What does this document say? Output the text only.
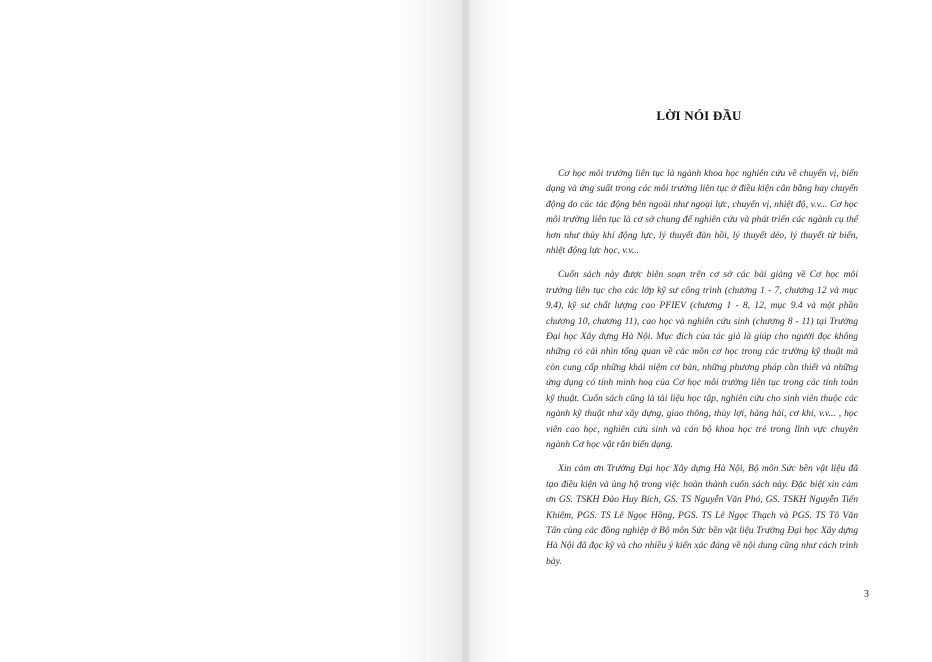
LỜI NÓI ĐẦU

Cơ học môi trường liên tục là ngành khoa học nghiên cứu về chuyển vị, biến dạng và ứng suất trong các môi trường liên tục ở điều kiện cân bằng hay chuyển động do các tác động bên ngoài như ngoại lực, chuyển vị, nhiệt độ, v.v... Cơ học môi trường liên tục là cơ sở chung để nghiên cứu và phát triển các ngành cụ thể hơn như thủy khí động lực, lý thuyết đàn hồi, lý thuyết dẻo, lý thuyết từ biến, nhiệt động lực học, v.v...

Cuốn sách này được biên soạn trên cơ sở các bài giảng về Cơ học môi trường liên tục cho các lớp kỹ sư công trình (chương 1 - 7, chương 12 và mục 9.4), kỹ sư chất lượng cao PFIEV (chương 1 - 8, 12, mục 9.4 và một phần chương 10, chương 11), cao học và nghiên cứu sinh (chương 8 - 11) tại Trường Đại học Xây dựng Hà Nội. Mục đích của tác giả là giúp cho người đọc không những có cái nhìn tổng quan về các môn cơ học trong các trường kỹ thuật mà còn cung cấp những khái niệm cơ bản, những phương pháp cần thiết và những ứng dụng có tính minh hoạ của Cơ học môi trường liên tục trong các tính toán kỹ thuật. Cuốn sách cũng là tài liệu học tập, nghiên cứu cho sinh viên thuộc các ngành kỹ thuật như xây dựng, giao thông, thủy lợi, hàng hải, cơ khí, v.v... , học viên cao học, nghiên cứu sinh và cán bộ khoa học trẻ trong lĩnh vực chuyên ngành Cơ học vật rắn biến dạng.

Xin cảm ơn Trường Đại học Xây dựng Hà Nội, Bộ môn Sức bền vật liệu đã tạo điều kiện và ủng hộ trong việc hoàn thành cuốn sách này. Đặc biệt xin cảm ơn GS. TSKH Đào Huy Bích, GS. TS Nguyễn Văn Phó, GS. TSKH Nguyễn Tiến Khiêm, PGS. TS Lê Ngọc Hồng, PGS. TS Lê Ngọc Thạch và PGS. TS Tô Văn Tấn cùng các đồng nghiệp ở Bộ môn Sức bền vật liệu Trường Đại học Xây dựng Hà Nội đã đọc kỹ và cho nhiều ý kiến xác đáng về nội dung cũng như cách trình bày.

3
